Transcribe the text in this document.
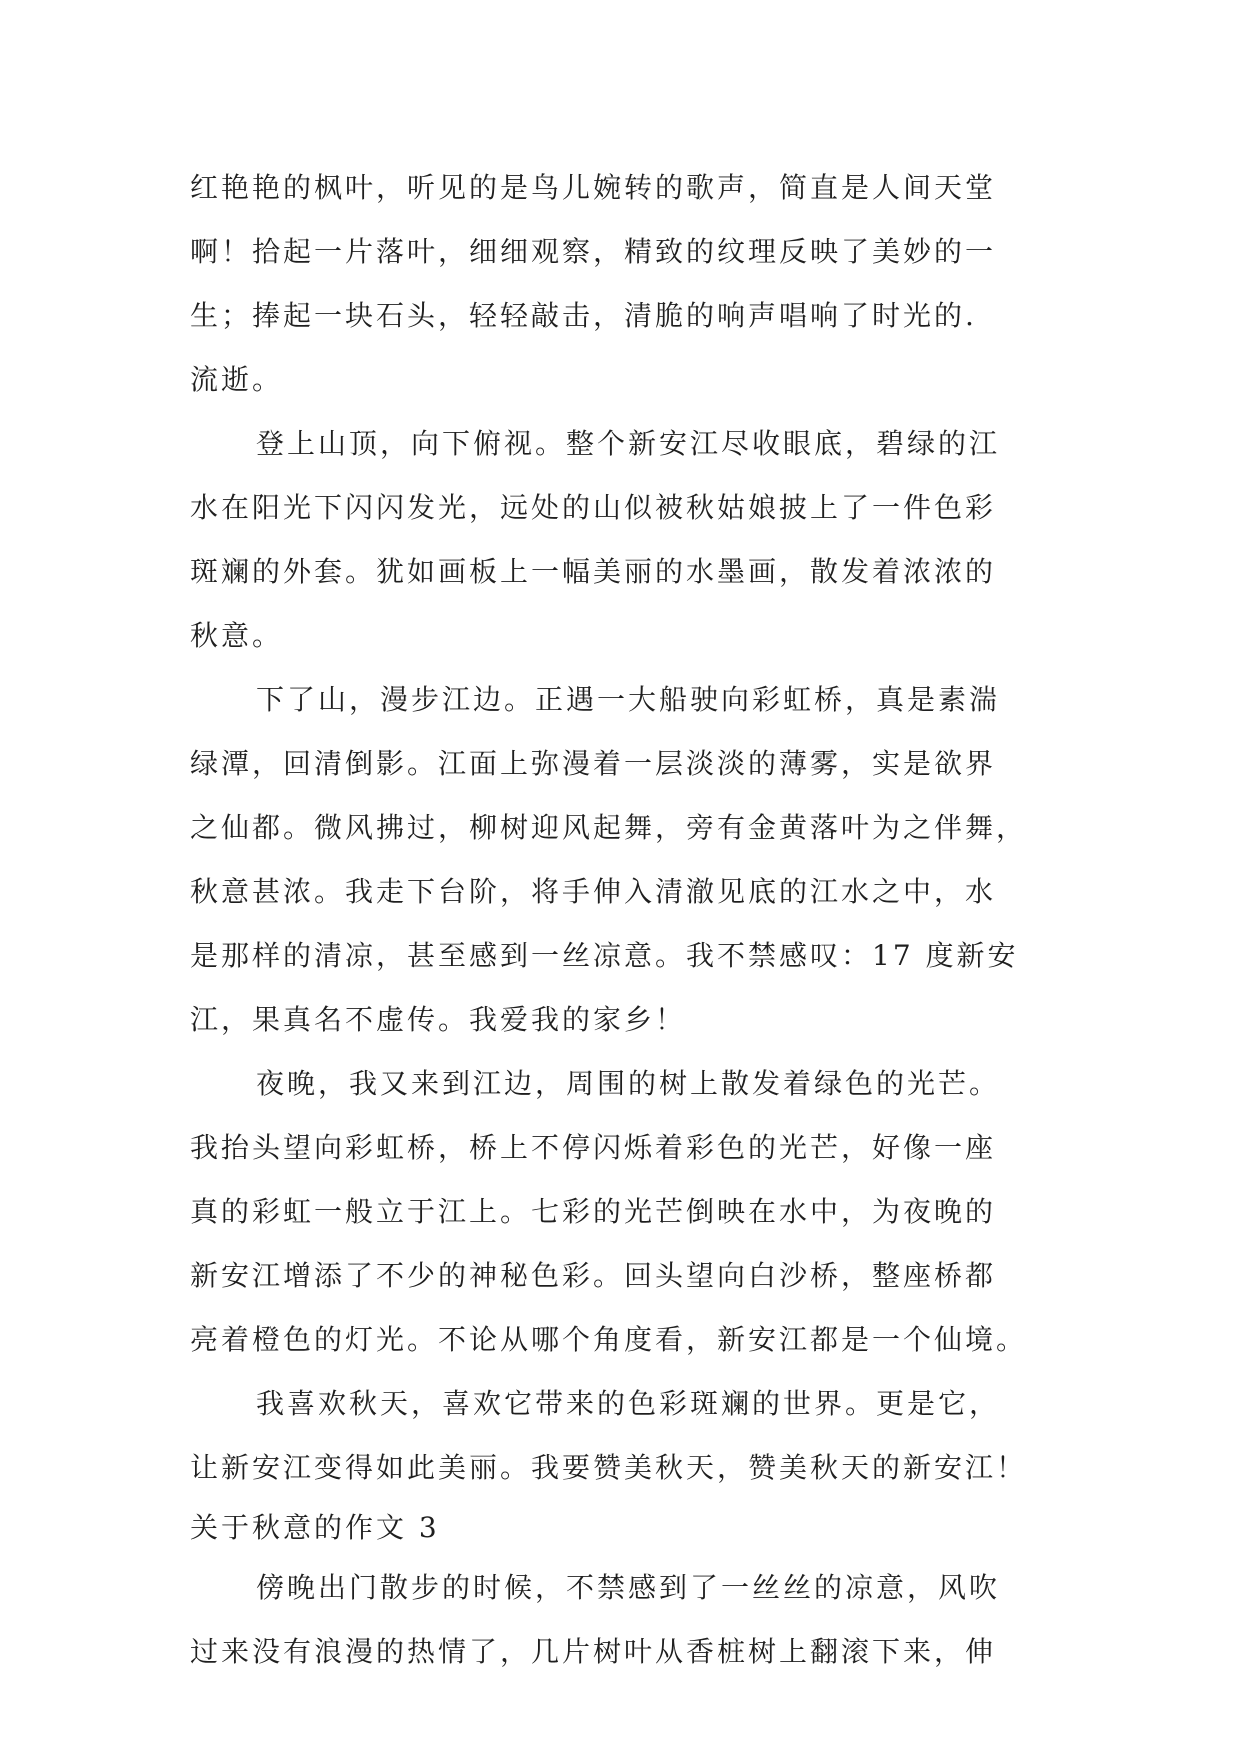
红艳艳的枫叶，听见的是鸟儿婉转的歌声，简直是人间天堂
啊！拾起一片落叶，细细观察，精致的纹理反映了美妙的一
生；捧起一块石头，轻轻敲击，清脆的响声唱响了时光的.
流逝。
登上山顶，向下俯视。整个新安江尽收眼底，碧绿的江
水在阳光下闪闪发光，远处的山似被秋姑娘披上了一件色彩
斑斓的外套。犹如画板上一幅美丽的水墨画，散发着浓浓的
秋意。
下了山，漫步江边。正遇一大船驶向彩虹桥，真是素湍
绿潭，回清倒影。江面上弥漫着一层淡淡的薄雾，实是欲界
之仙都。微风拂过，柳树迎风起舞，旁有金黄落叶为之伴舞，
秋意甚浓。我走下台阶，将手伸入清澈见底的江水之中，水
是那样的清凉，甚至感到一丝凉意。我不禁感叹：17 度新安
江，果真名不虚传。我爱我的家乡！
夜晚，我又来到江边，周围的树上散发着绿色的光芒。
我抬头望向彩虹桥，桥上不停闪烁着彩色的光芒，好像一座
真的彩虹一般立于江上。七彩的光芒倒映在水中，为夜晚的
新安江增添了不少的神秘色彩。回头望向白沙桥，整座桥都
亮着橙色的灯光。不论从哪个角度看，新安江都是一个仙境。
我喜欢秋天，喜欢它带来的色彩斑斓的世界。更是它，
让新安江变得如此美丽。我要赞美秋天，赞美秋天的新安江！
关于秋意的作文 3
傍晚出门散步的时候，不禁感到了一丝丝的凉意，风吹
过来没有浪漫的热情了，几片树叶从香桩树上翻滚下来，伸
